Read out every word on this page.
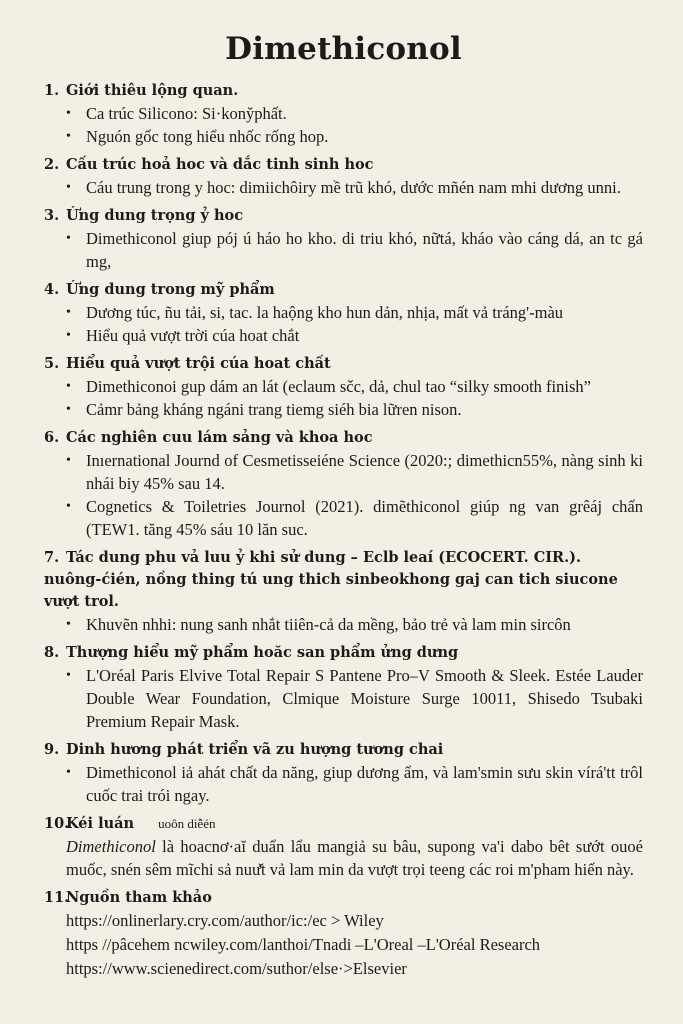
Dimethiconol

1. Giới thiêu lộng quan.

• Ca trúc Silicono: Si·kony̆phất.
• Nguón gốc tong hiểu nhốc rống hop.

2. Cấu trúc hoả hoc và dắc tinh sinh hoc

• Cáu trung trong y hoc: dimiichôiry mề trũ khó, dước mñén nam mhi dương unni.

3. Ứng dung trọng ỷ hoc

• Dimethiconol giup pój ú háo ho kho. di triu khó, nữtá, kháo vào cáng dá, an tc gá mg,

4. Ứng dung trong mỹ phẩm

• Dương túc, ñu tải, si, tac. la haộng kho hun dản, nhịa, mất vả tráng'-màu
• Hiểu quả vượt trời cúa hoat chắt

5. Hiểu quả vượt trội cúa hoat chất

• Dimethiconoi gup dám an lát (eclaum sčc, dả, chul tao “silky smooth finish”
• Cảmr bảng kháng ngáni trang tiemg siéh bia lữren nison.

6. Các nghiên cuu lám sảng và khoa hoc

• Inıernational Journd of Cesmetisseiéne Science (2020:; dimethicn55%, nàng sinh ki nhái biy 45% sau 14.
• Cognetics & Toiletries Journol (2021). dimẽthiconol giúp ng van grêáj chấn (TEW1. tăng 45% sáu 10 lăn suc.

7. Tác dung phu vả luu ỷ khi sử dung – Eclb leaí (ECOCERT. CIR.). nuông-ćién, nồng thing tú ung thich sinbeokhong gaj can tich siucone vượt trol.

• Khuvẽn nhhi: nung sanh nhắt tiiên-cả da mềng, bảo trẻ và lam min sircôn

8. Thượng hiểu mỹ phẩm hoăc san phẩm ửng dưng

• L'Oréal Paris Elvive Total Repair S Pantene Pro–V Smooth & Sleek. Estée Lauder Double Wear Foundation, Clmique Moisture Surge 10011, Shisedo Tsubaki Premium Repair Mask.

9. Dinh hương phát triển vã zu hượng tương chai

• Dimethiconol iả ahát chất da năng, giup dương ẩm, và lam'smin sưu skin vírá'tt trôl cuốc trai trói ngay.

10.Kéi luán uoôn diễén

Dimethiconol là hoacnơ·aĭ duẩn lẩu mangiả su bâu, supong va'i dabo bêt sướt ouoé muốc, snén sêm mĩchi sả nuư̆t vả lam min da vượt trọi teeng các roi m'pham hiến này.

11.Nguồn tham khảo

https://onlinerlary.cry.com/author/ic:/ec > Wiley
https //pâcehem ncwiley.com/lanthoi/Tnadi –L'Oreal –L'Oréal Research
https://www.scienedirect.com/suthor/else·>Elsevier
